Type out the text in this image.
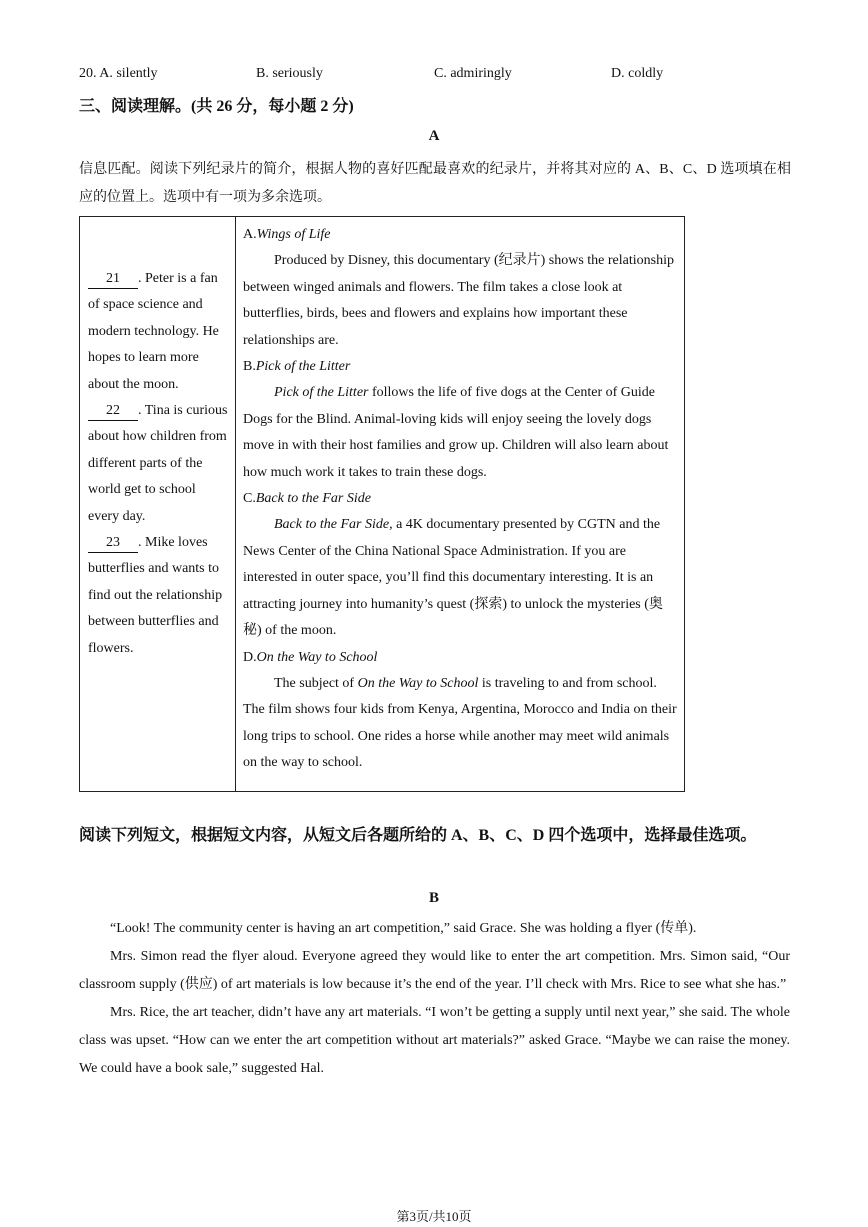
20. A. silently	B. seriously	C. admiringly	D. coldly
三、阅读理解。(共 26 分，每小题 2 分)
A
信息匹配。阅读下列纪录片的简介，根据人物的喜好匹配最喜欢的纪录片，并将其对应的 A、B、C、D 选项填在相应的位置上。选项中有一项为多余选项。
21 . Peter is a fan of space science and modern technology. He hopes to learn more about the moon.
22 . Tina is curious about how children from different parts of the world get to school every day.
23 . Mike loves butterflies and wants to find out the relationship between butterflies and flowers.

A.Wings of Life

Produced by Disney, this documentary (纪录片) shows the relationship between winged animals and flowers. The film takes a close look at butterflies, birds, bees and flowers and explains how important these relationships are.

B.Pick of the Litter

Pick of the Litter follows the life of five dogs at the Center of Guide Dogs for the Blind. Animal-loving kids will enjoy seeing the lovely dogs move in with their host families and grow up. Children will also learn about how much work it takes to train these dogs.

C.Back to the Far Side

Back to the Far Side, a 4K documentary presented by CGTN and the News Center of the China National Space Administration. If you are interested in outer space, you’ll find this documentary interesting. It is an attracting journey into humanity’s quest (探索) to unlock the mysteries (奥秘) of the moon.

D.On the Way to School

The subject of On the Way to School is traveling to and from school. The film shows four kids from Kenya, Argentina, Morocco and India on their long trips to school. One rides a horse while another may meet wild animals on the way to school.

阅读下列短文，根据短文内容，从短文后各题所给的 A、B、C、D 四个选项中，选择最佳选项。
B

“Look! The community center is having an art competition,” said Grace. She was holding a flyer (传单).

Mrs. Simon read the flyer aloud. Everyone agreed they would like to enter the art competition. Mrs. Simon said, “Our classroom supply (供应) of art materials is low because it’s the end of the year. I’ll check with Mrs. Rice to see what she has.”

Mrs. Rice, the art teacher, didn’t have any art materials. “I won’t be getting a supply until next year,” she said. The whole class was upset. “How can we enter the art competition without art materials?” asked Grace. “Maybe we can raise the money. We could have a book sale,” suggested Hal.

第3页/共10页
